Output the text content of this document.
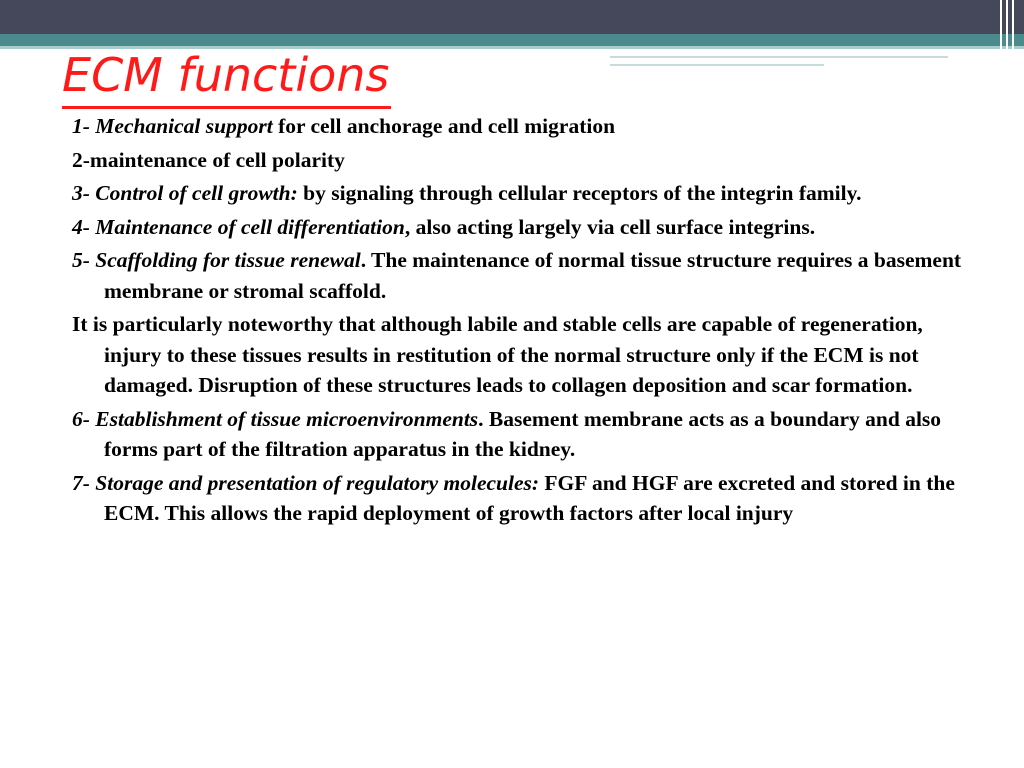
ECM functions

1- Mechanical support for cell anchorage and cell migration

2-maintenance of cell polarity

3- Control of cell growth: by signaling through cellular receptors of the integrin family.

4- Maintenance of cell differentiation, also acting largely via cell surface integrins.

5- Scaffolding for tissue renewal. The maintenance of normal tissue structure requires a basement membrane or stromal scaffold.

It is particularly noteworthy that although labile and stable cells are capable of regeneration, injury to these tissues results in restitution of the normal structure only if the ECM is not damaged. Disruption of these structures leads to collagen deposition and scar formation.

6- Establishment of tissue microenvironments. Basement membrane acts as a boundary and also forms part of the filtration apparatus in the kidney.

7- Storage and presentation of regulatory molecules: FGF and HGF are excreted and stored in the ECM. This allows the rapid deployment of growth factors after local injury
